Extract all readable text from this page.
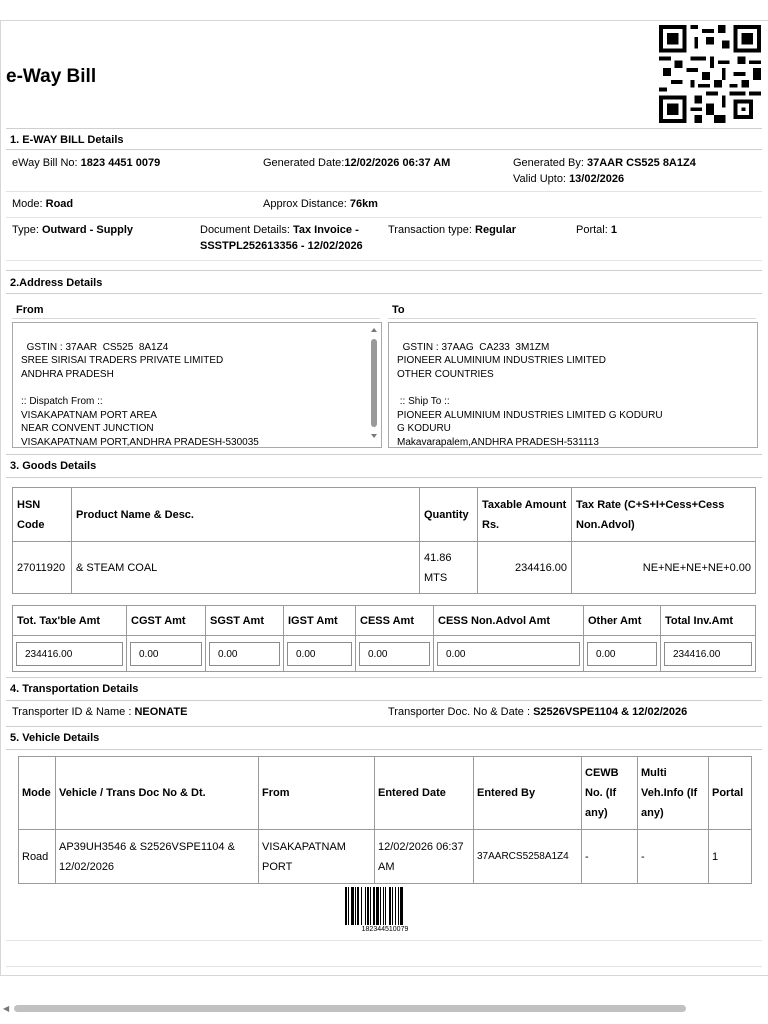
e-Way Bill
1. E-WAY BILL Details
eWay Bill No: 1823 4451 0079	Generated Date:12/02/2026 06:37 AM	Generated By: 37AAR CS525 8A1Z4
Valid Upto: 13/02/2026
Mode: Road	Approx Distance: 76km
Type: Outward - Supply	Document Details: Tax Invoice -
SSSTPL252613356 - 12/02/2026
Transaction type: Regular	Portal: 1
2.Address Details
From	To

GSTIN : 37AAR  CS525  8A1Z4
SREE SIRISAI TRADERS PRIVATE LIMITED
ANDHRA PRADESH

:: Dispatch From ::
VISAKAPATNAM PORT AREA
NEAR CONVENT JUNCTION
VISAKAPATNAM PORT,ANDHRA PRADESH-530035

GSTIN : 37AAG  CA233  3M1ZM
PIONEER ALUMINIUM INDUSTRIES LIMITED
OTHER COUNTRIES

:: Ship To ::
PIONEER ALUMINIUM INDUSTRIES LIMITED G KODURU
G KODURU
Makavarapalem,ANDHRA PRADESH-531113

3. Goods Details
HSN Code	Product Name & Desc.	Quantity	Taxable Amount Rs.	Tax Rate (C+S+I+Cess+Cess Non.Advol)
27011920	& STEAM COAL	41.86 MTS	234416.00	NE+NE+NE+NE+0.00
Tot. Tax'ble Amt	CGST Amt	SGST Amt	IGST Amt	CESS Amt	CESS Non.Advol Amt	Other Amt	Total Inv.Amt

234416.00	0.00	0.00	0.00	0.00	0.00	0.00	234416.00
4. Transportation Details
Transporter ID & Name : NEONATE	Transporter Doc. No & Date : S2526VSPE1104 & 12/02/2026
5. Vehicle Details
Mode	Vehicle / Trans Doc No & Dt.	From	Entered Date	Entered By	CEWB No. (If any)	Multi Veh.Info (If any)	Portal
Road	AP39UH3546 & S2526VSPE1104 & 12/02/2026	VISAKAPATNAM PORT	12/02/2026 06:37 AM	37AARCS5258A1Z4	-	-	1
182344510079
◀
